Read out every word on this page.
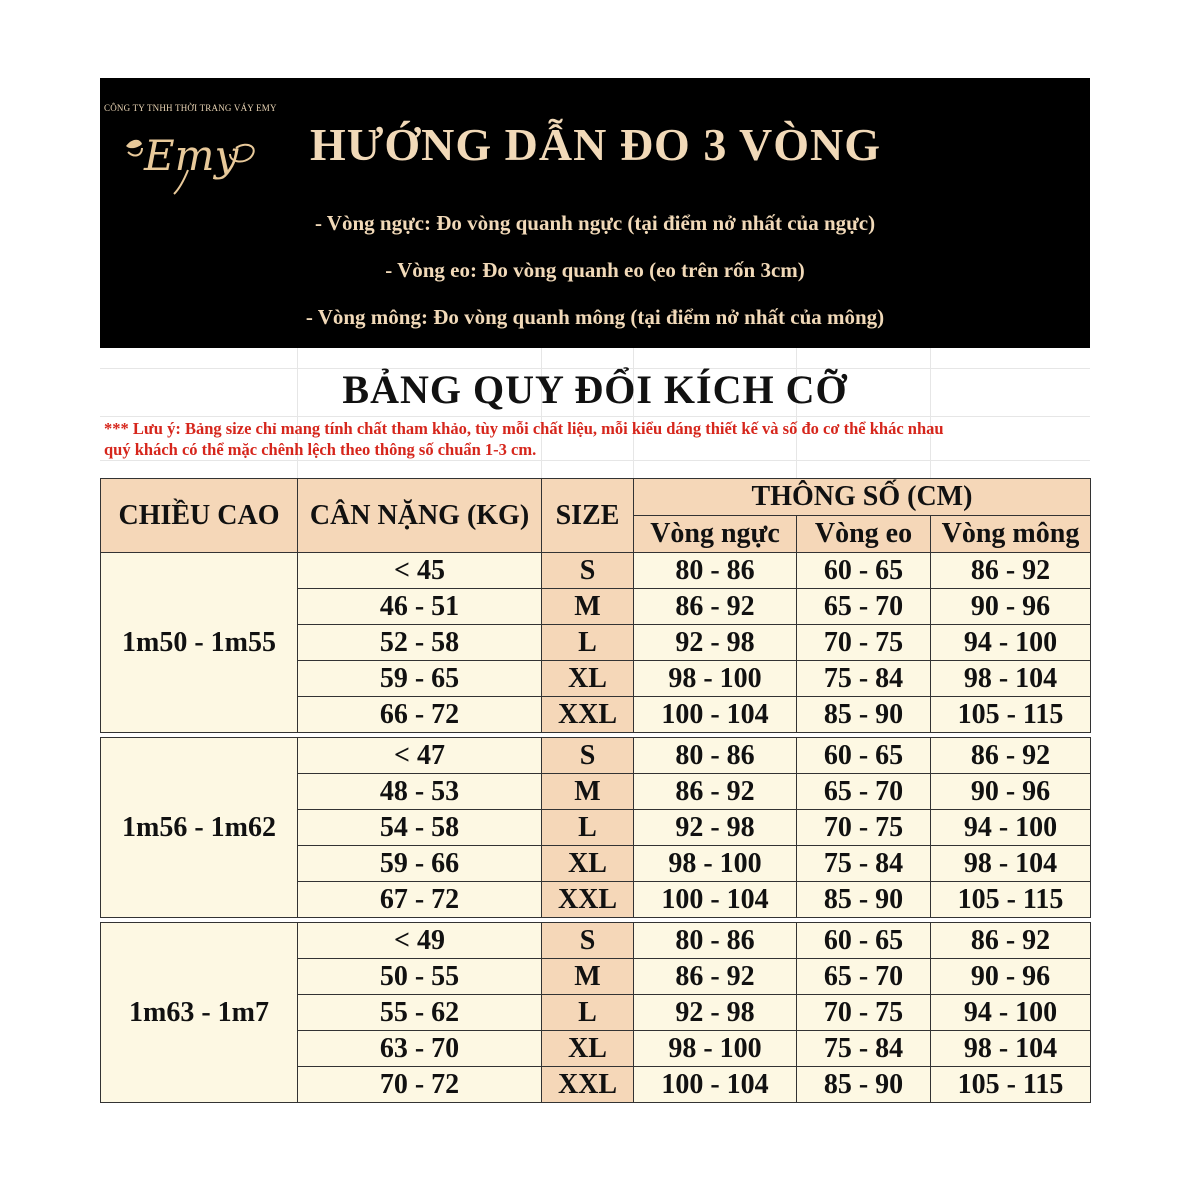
CÔNG TY TNHH THỜI TRANG VÁY EMY
Emy HƯỚNG DẪN ĐO 3 VÒNG
- Vòng ngực: Đo vòng quanh ngực (tại điểm nở nhất của ngực)
- Vòng eo: Đo vòng quanh eo (eo trên rốn 3cm)
- Vòng mông: Đo vòng quanh mông (tại điểm nở nhất của mông)
BẢNG QUY ĐỔI KÍCH CỠ
*** Lưu ý: Bảng size chỉ mang tính chất tham khảo, tùy mỗi chất liệu, mỗi kiểu dáng thiết kế và số đo cơ thể khác nhau
quý khách có thể mặc chênh lệch theo thông số chuẩn 1-3 cm.
CHIỀU CAO	CÂN NẶNG (KG)	SIZE	THÔNG SỐ (CM)		
			Vòng ngực	Vòng eo	Vòng mông
1m50 - 1m55	< 45	S	80 - 86	60 - 65	86 - 92
	46 - 51	M	86 - 92	65 - 70	90 - 96
	52 - 58	L	92 - 98	70 - 75	94 - 100
	59 - 65	XL	98 - 100	75 - 84	98 - 104
	66 - 72	XXL	100 - 104	85 - 90	105 - 115

1m56 - 1m62	< 47	S	80 - 86	60 - 65	86 - 92
	48 - 53	M	86 - 92	65 - 70	90 - 96
	54 - 58	L	92 - 98	70 - 75	94 - 100
	59 - 66	XL	98 - 100	75 - 84	98 - 104
	67 - 72	XXL	100 - 104	85 - 90	105 - 115

1m63 - 1m7	< 49	S	80 - 86	60 - 65	86 - 92
	50 - 55	M	86 - 92	65 - 70	90 - 96
	55 - 62	L	92 - 98	70 - 75	94 - 100
	63 - 70	XL	98 - 100	75 - 84	98 - 104
	70 - 72	XXL	100 - 104	85 - 90	105 - 115
